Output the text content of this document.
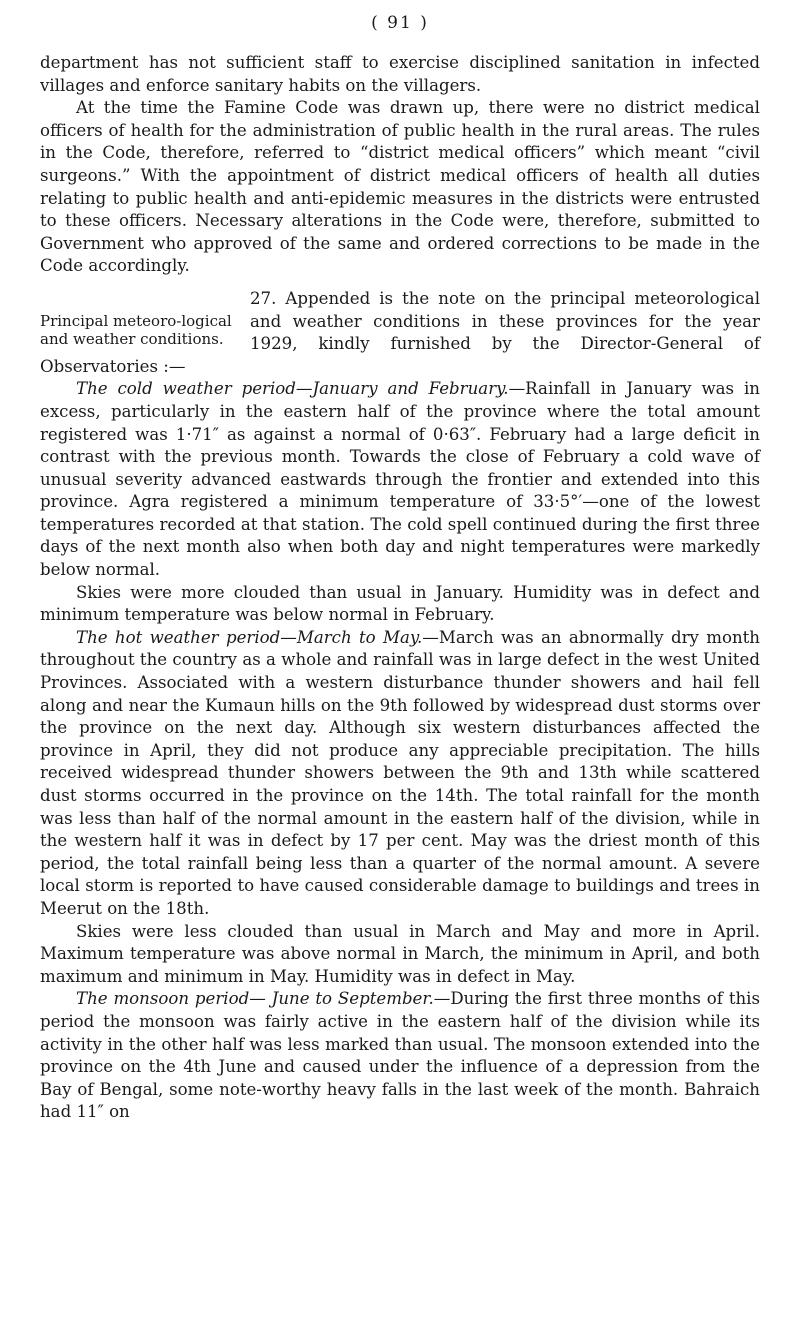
( 91 )

department has not sufficient staff to exercise disciplined sanitation in infected villages and enforce sanitary habits on the villagers.

At the time the Famine Code was drawn up, there were no district medical officers of health for the administration of public health in the rural areas. The rules in the Code, therefore, referred to “district medical officers” which meant “civil surgeons.” With the appointment of district medical officers of health all duties relating to public health and anti-epidemic measures in the districts were entrusted to these officers. Necessary alterations in the Code were, therefore, submitted to Government who approved of the same and ordered corrections to be made in the Code accordingly.

Principal meteoro-logical and weather conditions.

27. Appended is the note on the principal meteorological and weather conditions in these provinces for the year 1929, kindly furnished by the Director-General of Observatories :—

The cold weather period—January and February.—Rainfall in January was in excess, particularly in the eastern half of the province where the total amount registered was 1·71″ as against a normal of 0·63″. February had a large deficit in contrast with the previous month. Towards the close of February a cold wave of unusual severity advanced eastwards through the frontier and extended into this province. Agra registered a minimum temperature of 33·5°′—one of the lowest temperatures recorded at that station. The cold spell continued during the first three days of the next month also when both day and night temperatures were markedly below normal.

Skies were more clouded than usual in January. Humidity was in defect and minimum temperature was below normal in February.

The hot weather period—March to May.—March was an abnormally dry month throughout the country as a whole and rainfall was in large defect in the west United Provinces. Associated with a western disturbance thunder showers and hail fell along and near the Kumaun hills on the 9th followed by widespread dust storms over the province on the next day. Although six western disturbances affected the province in April, they did not produce any appreciable precipitation. The hills received widespread thunder showers between the 9th and 13th while scattered dust storms occurred in the province on the 14th. The total rainfall for the month was less than half of the normal amount in the eastern half of the division, while in the western half it was in defect by 17 per cent. May was the driest month of this period, the total rainfall being less than a quarter of the normal amount. A severe local storm is reported to have caused considerable damage to buildings and trees in Meerut on the 18th.

Skies were less clouded than usual in March and May and more in April. Maximum temperature was above normal in March, the minimum in April, and both maximum and minimum in May. Humidity was in defect in May.

The monsoon period— June to September.—During the first three months of this period the monsoon was fairly active in the eastern half of the division while its activity in the other half was less marked than usual. The monsoon extended into the province on the 4th June and caused under the influence of a depression from the Bay of Bengal, some note-worthy heavy falls in the last week of the month. Bahraich had 11″ on
